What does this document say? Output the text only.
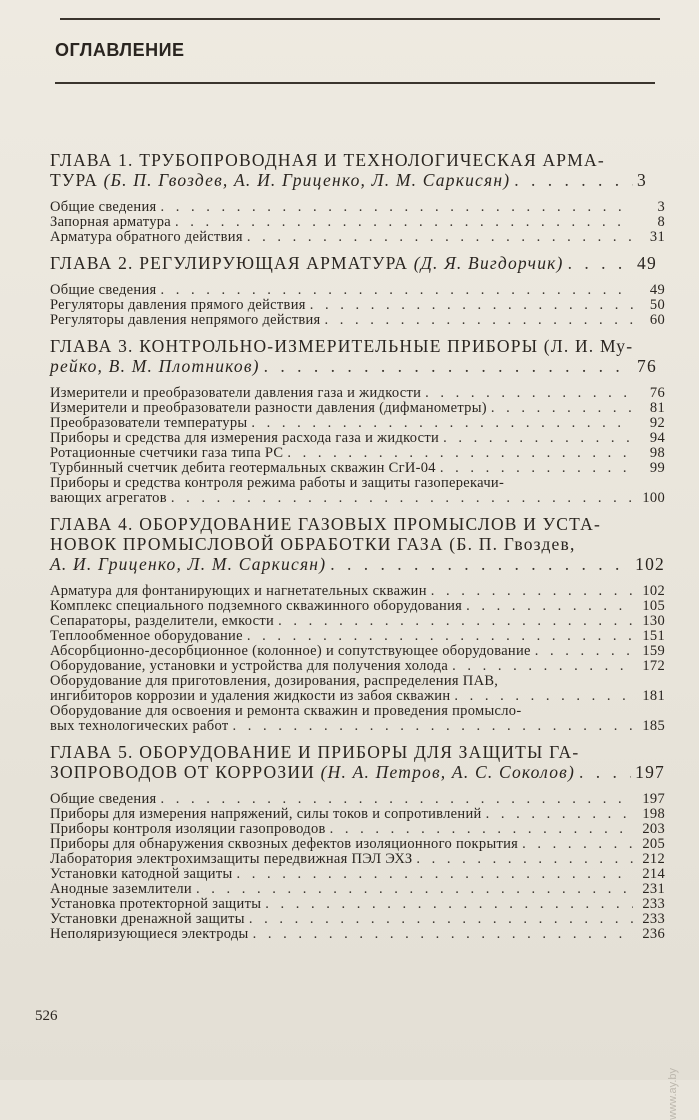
ОГЛАВЛЕНИЕ
ГЛАВА 1. ТРУБОПРОВОДНАЯ И ТЕХНОЛОГИЧЕСКАЯ АРМА-
ТУРА (Б. П. Гвоздев, А. И. Гриценко, Л. М. Саркисян) . . .	3
Общие сведения . . .	3
Запорная арматура . . .	8
Арматура обратного действия . . .	31
ГЛАВА 2. РЕГУЛИРУЮЩАЯ АРМАТУРА (Д. Я. Вигдорчик) . . .	49
Общие сведения . . .	49
Регуляторы давления прямого действия . . .	50
Регуляторы давления непрямого действия . . .	60
ГЛАВА 3. КОНТРОЛЬНО-ИЗМЕРИТЕЛЬНЫЕ ПРИБОРЫ (Л. И. Му-
рейко, В. М. Плотников) . . .	76
Измерители и преобразователи давления газа и жидкости . . .	76
Измерители и преобразователи разности давления (дифманометры) . . .	81
Преобразователи температуры . . .	92
Приборы и средства для измерения расхода газа и жидкости . . .	94
Ротационные счетчики газа типа РС . . .	98
Турбинный счетчик дебита геотермальных скважин СгИ-04 . . .	99
Приборы и средства контроля режима работы и защиты газоперекачи-
вающих агрегатов . . .	100
ГЛАВА 4. ОБОРУДОВАНИЕ ГАЗОВЫХ ПРОМЫСЛОВ И УСТА-
НОВОК ПРОМЫСЛОВОЙ ОБРАБОТКИ ГАЗА (Б. П. Гвоздев,
А. И. Гриценко, Л. М. Саркисян) . . .	102
Арматура для фонтанирующих и нагнетательных скважин . . .	102
Комплекс специального подземного скважинного оборудования . . .	105
Сепараторы, разделители, емкости . . .	130
Теплообменное оборудование . . .	151
Абсорбционно-десорбционное (колонное) и сопутствующее оборудование . . .	159
Оборудование, установки и устройства для получения холода . . .	172
Оборудование для приготовления, дозирования, распределения ПАВ,
ингибиторов коррозии и удаления жидкости из забоя скважин . . .	181
Оборудование для освоения и ремонта скважин и проведения промысло-
вых технологических работ . . .	185
ГЛАВА 5. ОБОРУДОВАНИЕ И ПРИБОРЫ ДЛЯ ЗАЩИТЫ ГА-
ЗОПРОВОДОВ ОТ КОРРОЗИИ (Н. А. Петров, А. С. Соколов) . . .	197
Общие сведения . . .	197
Приборы для измерения напряжений, силы токов и сопротивлений . . .	198
Приборы контроля изоляции газопроводов . . .	203
Приборы для обнаружения сквозных дефектов изоляционного покрытия . . .	205
Лаборатория электрохимзащиты передвижная ПЭЛ ЭХЗ . . .	212
Установки катодной защиты . . .	214
Анодные заземлители . . .	231
Установка протекторной защиты . . .	233
Установки дренажной защиты . . .	233
Неполяризующиеся электроды . . .	236
526
www.ay.by
